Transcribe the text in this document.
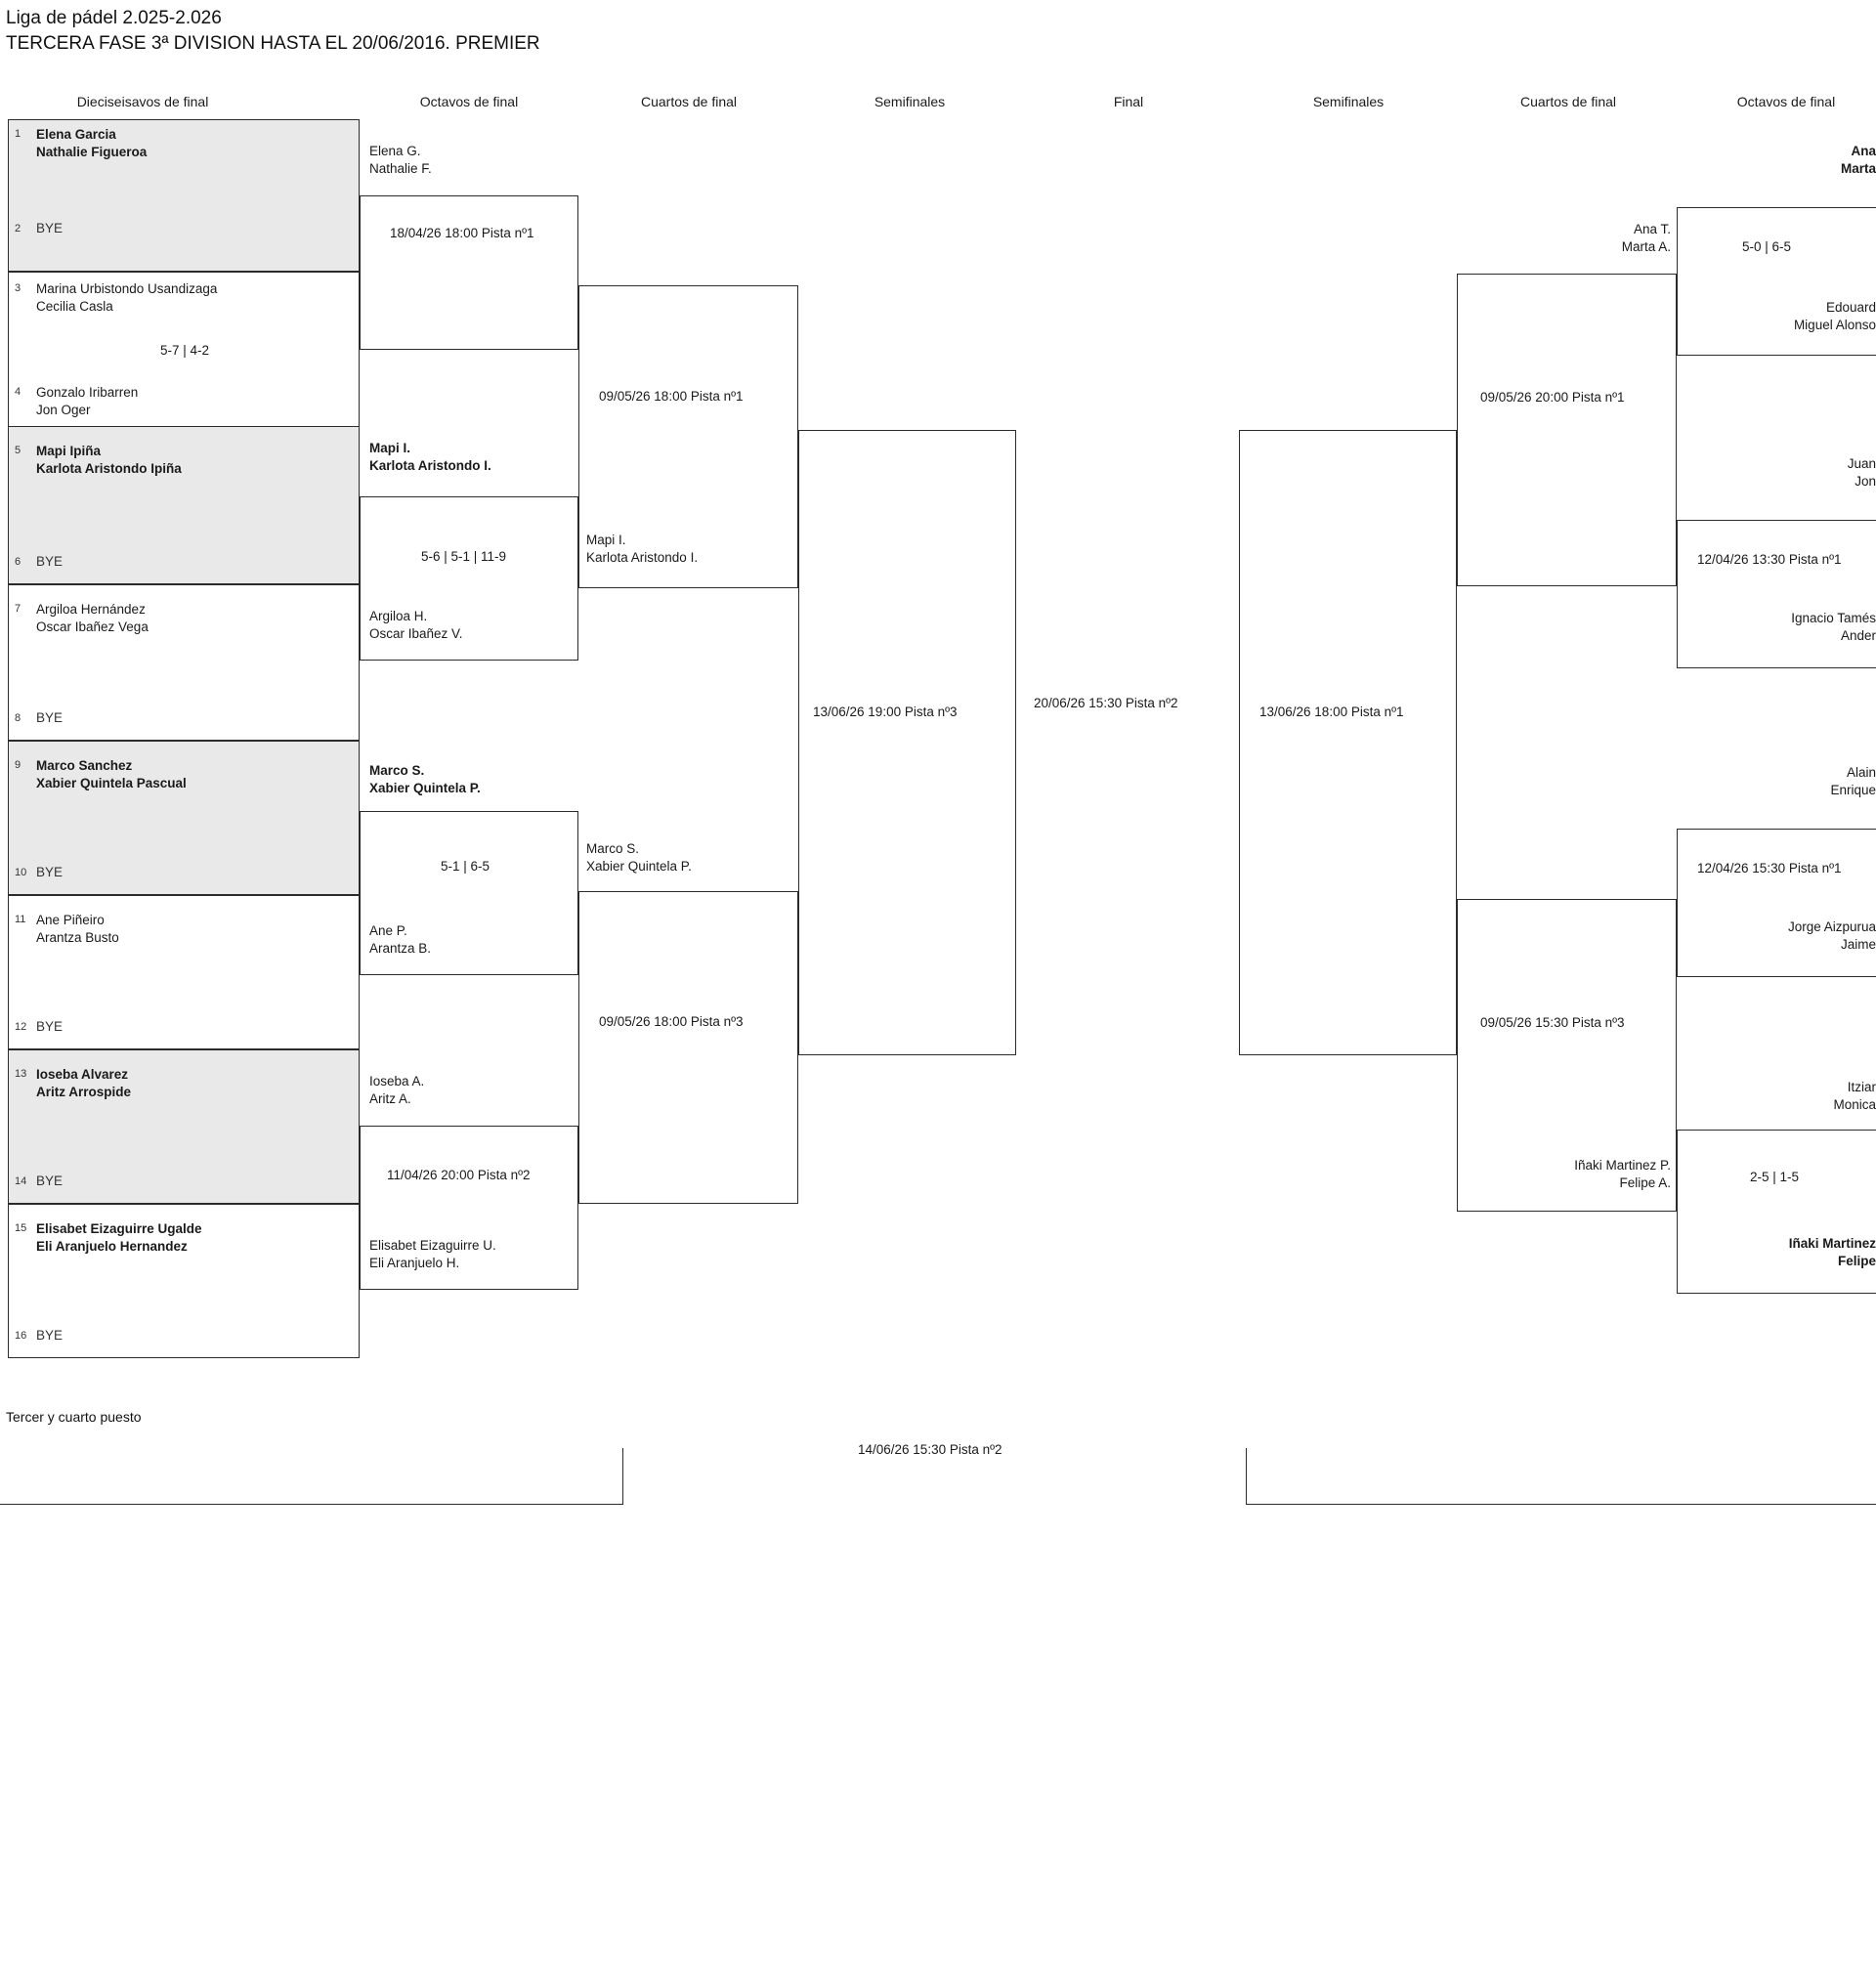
Liga de pádel 2.025-2.026
TERCERA FASE 3ª DIVISION HASTA EL 20/06/2016. PREMIER
Dieciseisavos de final	Octavos de final	Cuartos de final	Semifinales	Final	Semifinales	Cuartos de final	Octavos de final
1 Elena Garcia
Nathalie Figueroa
2 BYE
3 Marina Urbistondo Usandizaga
Cecilia Casla
5-7 | 4-2
4 Gonzalo Iribarren
Jon Oger
5 Mapi Ipiña
Karlota Aristondo Ipiña
6 BYE
7 Argiloa Hernández
Oscar Ibañez Vega
8 BYE
9 Marco Sanchez
Xabier Quintela Pascual
10 BYE
11 Ane Piñeiro
Arantza Busto
12 BYE
13 Ioseba Alvarez
Aritz Arrospide
14 BYE
15 Elisabet Eizaguirre Ugalde
Eli Aranjuelo Hernandez
16 BYE
Elena G.
Nathalie F.
18/04/26 18:00 Pista nº1
Mapi I.
Karlota Aristondo I.
5-6 | 5-1 | 11-9
Argiloa H.
Oscar Ibañez V.
Marco S.
Xabier Quintela P.
5-1 | 6-5
Ane P.
Arantza B.
Ioseba A.
Aritz A.
11/04/26 20:00 Pista nº2
Elisabet Eizaguirre U.
Eli Aranjuelo H.
09/05/26 18:00 Pista nº1
Mapi I.
Karlota Aristondo I.
09/05/26 18:00 Pista nº3
Marco S.
Xabier Quintela P.
13/06/26 19:00 Pista nº3
20/06/26 15:30 Pista nº2
13/06/26 18:00 Pista nº1
09/05/26 20:00 Pista nº1
Ana T.
Marta A.
09/05/26 15:30 Pista nº3
Iñaki Martinez P.
Felipe A.
5-0 | 6-5
Ana
Marta
Edouard
Miguel Alonso
12/04/26 13:30 Pista nº1
Juan
Jon
Ignacio Tamés
Ander
12/04/26 15:30 Pista nº1
Alain
Enrique
Jorge Aizpurua
Jaime
2-5 | 1-5
Itziar
Monica
Iñaki Martinez
Felipe
Tercer y cuarto puesto
14/06/26 15:30 Pista nº2
